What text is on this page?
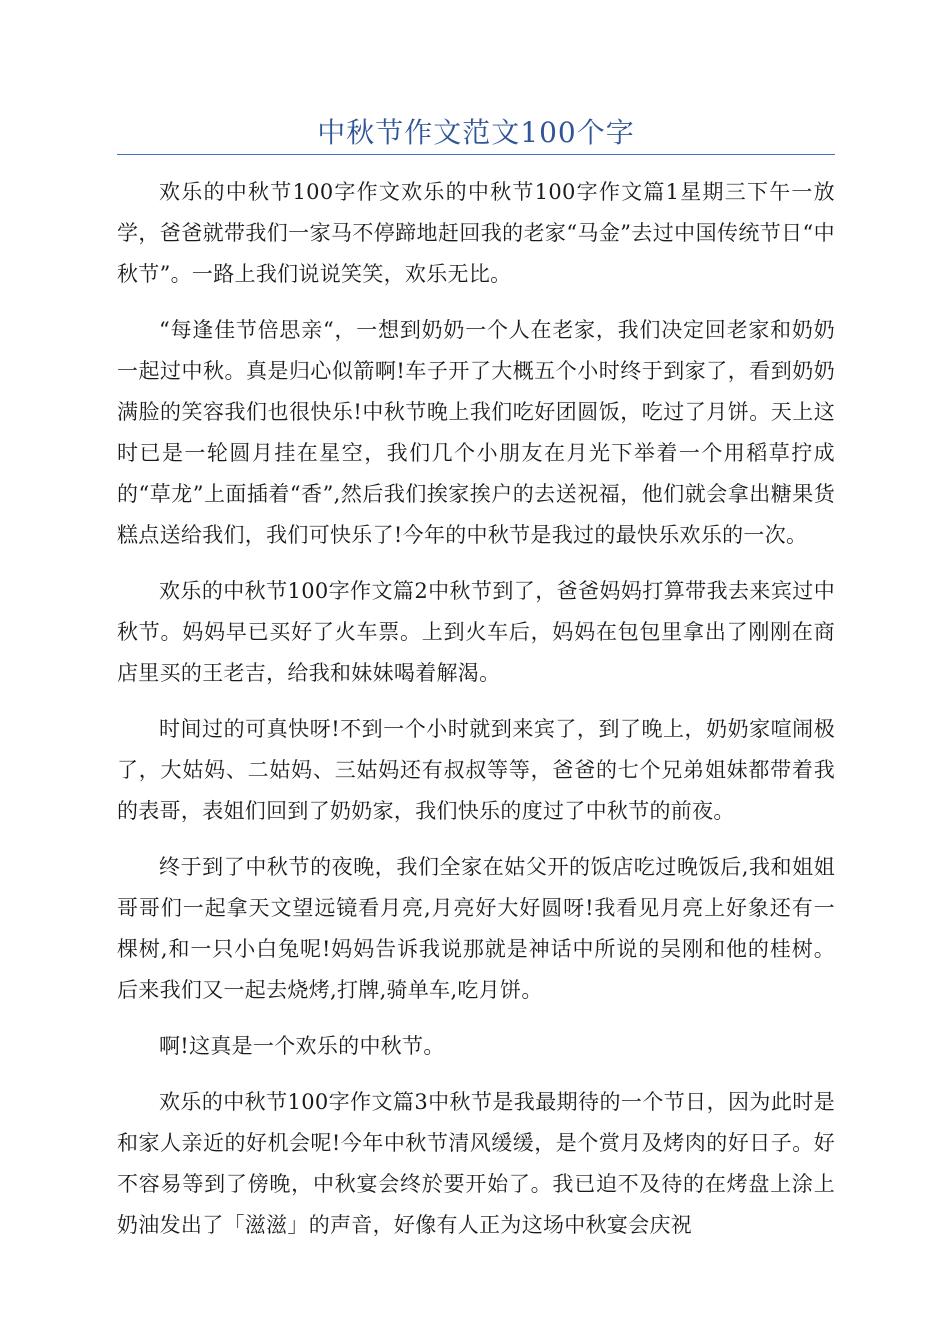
中秋节作文范文100个字

欢乐的中秋节100字作文欢乐的中秋节100字作文篇1星期三下午一放学，爸爸就带我们一家马不停蹄地赶回我的老家“马金”去过中国传统节日“中秋节”。一路上我们说说笑笑，欢乐无比。

“每逢佳节倍思亲“，一想到奶奶一个人在老家，我们决定回老家和奶奶一起过中秋。真是归心似箭啊!车子开了大概五个小时终于到家了，看到奶奶满脸的笑容我们也很快乐!中秋节晚上我们吃好团圆饭，吃过了月饼。天上这时已是一轮圆月挂在星空，我们几个小朋友在月光下举着一个用稻草拧成的“草龙”上面插着“香”,然后我们挨家挨户的去送祝福，他们就会拿出糖果货糕点送给我们，我们可快乐了!今年的中秋节是我过的最快乐欢乐的一次。

欢乐的中秋节100字作文篇2中秋节到了，爸爸妈妈打算带我去来宾过中秋节。妈妈早已买好了火车票。上到火车后，妈妈在包包里拿出了刚刚在商店里买的王老吉，给我和妹妹喝着解渴。

时间过的可真快呀!不到一个小时就到来宾了，到了晚上，奶奶家喧闹极了，大姑妈、二姑妈、三姑妈还有叔叔等等，爸爸的七个兄弟姐妹都带着我的表哥，表姐们回到了奶奶家，我们快乐的度过了中秋节的前夜。

终于到了中秋节的夜晚，我们全家在姑父开的饭店吃过晚饭后,我和姐姐哥哥们一起拿天文望远镜看月亮,月亮好大好圆呀!我看见月亮上好象还有一棵树,和一只小白兔呢!妈妈告诉我说那就是神话中所说的吴刚和他的桂树。后来我们又一起去烧烤,打牌,骑单车,吃月饼。

啊!这真是一个欢乐的中秋节。

欢乐的中秋节100字作文篇3中秋节是我最期待的一个节日，因为此时是和家人亲近的好机会呢!今年中秋节清风缓缓，是个赏月及烤肉的好日子。好不容易等到了傍晚，中秋宴会终於要开始了。我已迫不及待的在烤盘上涂上奶油发出了「滋滋」的声音，好像有人正为这场中秋宴会庆祝
